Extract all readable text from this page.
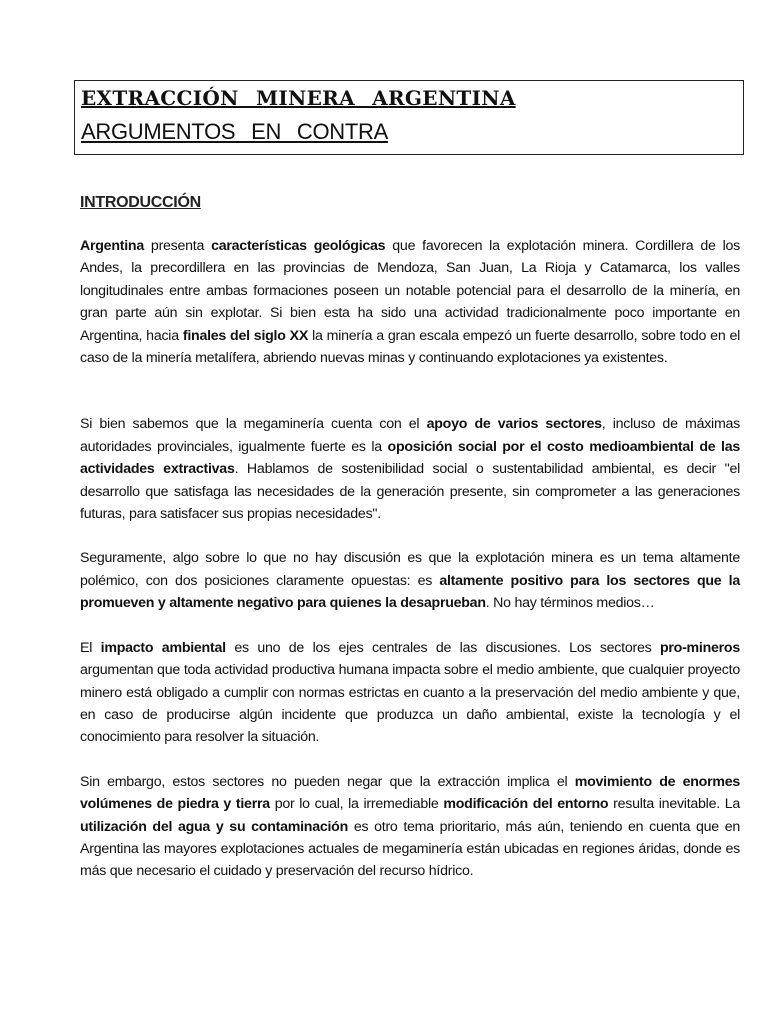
EXTRACCIÓN MINERA ARGENTINA
ARGUMENTOS EN CONTRA
INTRODUCCIÓN

Argentina presenta características geológicas que favorecen la explotación minera. Cordillera de los Andes, la precordillera en las provincias de Mendoza, San Juan, La Rioja y Catamarca, los valles longitudinales entre ambas formaciones poseen un notable potencial para el desarrollo de la minería, en gran parte aún sin explotar. Si bien esta ha sido una actividad tradicionalmente poco importante en Argentina, hacia finales del siglo XX la minería a gran escala empezó un fuerte desarrollo, sobre todo en el caso de la minería metalífera, abriendo nuevas minas y continuando explotaciones ya existentes.

Si bien sabemos que la megaminería cuenta con el apoyo de varios sectores, incluso de máximas autoridades provinciales, igualmente fuerte es la oposición social por el costo medioambiental de las actividades extractivas. Hablamos de sostenibilidad social o sustentabilidad ambiental, es decir "el desarrollo que satisfaga las necesidades de la generación presente, sin comprometer a las generaciones futuras, para satisfacer sus propias necesidades".

Seguramente, algo sobre lo que no hay discusión es que la explotación minera es un tema altamente polémico, con dos posiciones claramente opuestas: es altamente positivo para los sectores que la promueven y altamente negativo para quienes la desaprueban. No hay términos medios…

El impacto ambiental es uno de los ejes centrales de las discusiones. Los sectores pro-mineros argumentan que toda actividad productiva humana impacta sobre el medio ambiente, que cualquier proyecto minero está obligado a cumplir con normas estrictas en cuanto a la preservación del medio ambiente y que, en caso de producirse algún incidente que produzca un daño ambiental, existe la tecnología y el conocimiento para resolver la situación.

Sin embargo, estos sectores no pueden negar que la extracción implica el movimiento de enormes volúmenes de piedra y tierra por lo cual, la irremediable modificación del entorno resulta inevitable. La utilización del agua y su contaminación es otro tema prioritario, más aún, teniendo en cuenta que en Argentina las mayores explotaciones actuales de megaminería están ubicadas en regiones áridas, donde es más que necesario el cuidado y preservación del recurso hídrico.
